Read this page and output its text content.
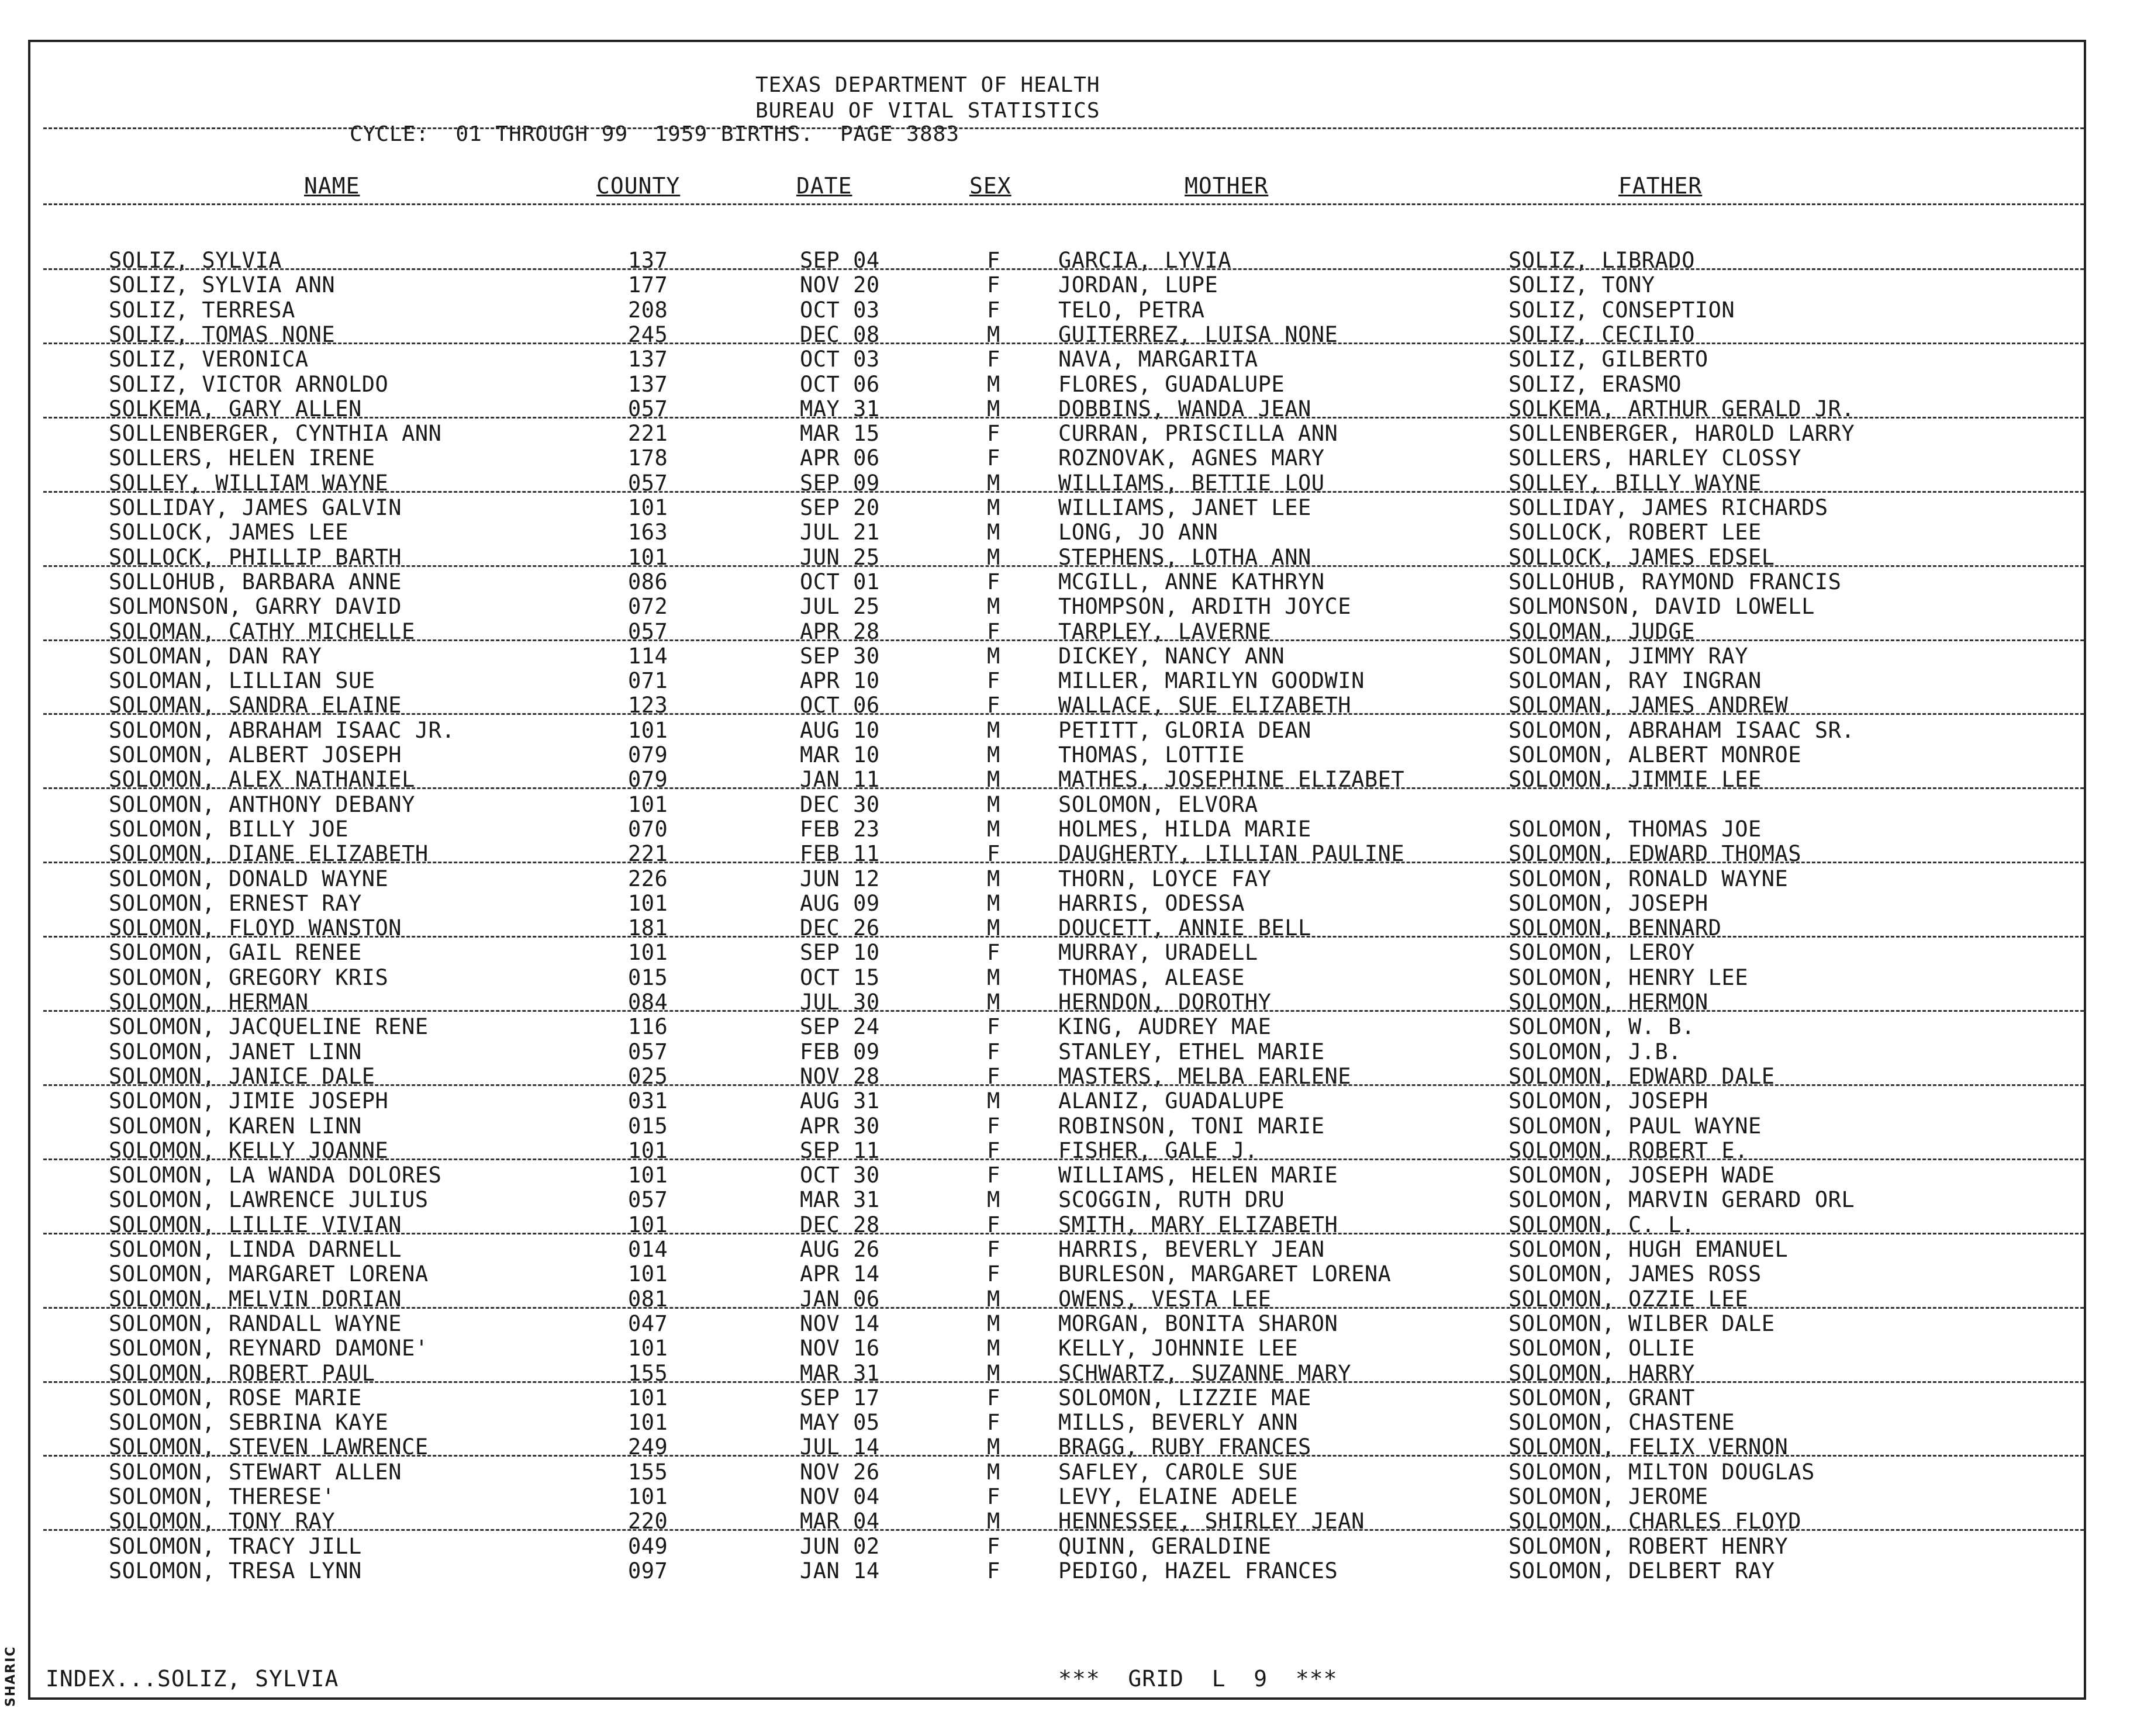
SHARIC
TEXAS DEPARTMENT OF HEALTH
BUREAU OF VITAL STATISTICS
CYCLE:  01 THROUGH 99  1959 BIRTHS.  PAGE 3883
NAME	COUNTY	DATE	SEX	MOTHER	FATHER
SOLIZ, SYLVIA	137	SEP 04	F	GARCIA, LYVIA	SOLIZ, LIBRADO
SOLIZ, SYLVIA ANN	177	NOV 20	F	JORDAN, LUPE	SOLIZ, TONY
SOLIZ, TERRESA	208	OCT 03	F	TELO, PETRA	SOLIZ, CONSEPTION
SOLIZ, TOMAS NONE	245	DEC 08	M	GUITERREZ, LUISA NONE	SOLIZ, CECILIO
SOLIZ, VERONICA	137	OCT 03	F	NAVA, MARGARITA	SOLIZ, GILBERTO
SOLIZ, VICTOR ARNOLDO	137	OCT 06	M	FLORES, GUADALUPE	SOLIZ, ERASMO
SOLKEMA, GARY ALLEN	057	MAY 31	M	DOBBINS, WANDA JEAN	SOLKEMA, ARTHUR GERALD JR.
SOLLENBERGER, CYNTHIA ANN	221	MAR 15	F	CURRAN, PRISCILLA ANN	SOLLENBERGER, HAROLD LARRY
SOLLERS, HELEN IRENE	178	APR 06	F	ROZNOVAK, AGNES MARY	SOLLERS, HARLEY CLOSSY
SOLLEY, WILLIAM WAYNE	057	SEP 09	M	WILLIAMS, BETTIE LOU	SOLLEY, BILLY WAYNE
SOLLIDAY, JAMES GALVIN	101	SEP 20	M	WILLIAMS, JANET LEE	SOLLIDAY, JAMES RICHARDS
SOLLOCK, JAMES LEE	163	JUL 21	M	LONG, JO ANN	SOLLOCK, ROBERT LEE
SOLLOCK, PHILLIP BARTH	101	JUN 25	M	STEPHENS, LOTHA ANN	SOLLOCK, JAMES EDSEL
SOLLOHUB, BARBARA ANNE	086	OCT 01	F	MCGILL, ANNE KATHRYN	SOLLOHUB, RAYMOND FRANCIS
SOLMONSON, GARRY DAVID	072	JUL 25	M	THOMPSON, ARDITH JOYCE	SOLMONSON, DAVID LOWELL
SOLOMAN, CATHY MICHELLE	057	APR 28	F	TARPLEY, LAVERNE	SOLOMAN, JUDGE
SOLOMAN, DAN RAY	114	SEP 30	M	DICKEY, NANCY ANN	SOLOMAN, JIMMY RAY
SOLOMAN, LILLIAN SUE	071	APR 10	F	MILLER, MARILYN GOODWIN	SOLOMAN, RAY INGRAN
SOLOMAN, SANDRA ELAINE	123	OCT 06	F	WALLACE, SUE ELIZABETH	SOLOMAN, JAMES ANDREW
SOLOMON, ABRAHAM ISAAC JR.	101	AUG 10	M	PETITT, GLORIA DEAN	SOLOMON, ABRAHAM ISAAC SR.
SOLOMON, ALBERT JOSEPH	079	MAR 10	M	THOMAS, LOTTIE	SOLOMON, ALBERT MONROE
SOLOMON, ALEX NATHANIEL	079	JAN 11	M	MATHES, JOSEPHINE ELIZABET	SOLOMON, JIMMIE LEE
SOLOMON, ANTHONY DEBANY	101	DEC 30	M	SOLOMON, ELVORA
SOLOMON, BILLY JOE	070	FEB 23	M	HOLMES, HILDA MARIE	SOLOMON, THOMAS JOE
SOLOMON, DIANE ELIZABETH	221	FEB 11	F	DAUGHERTY, LILLIAN PAULINE	SOLOMON, EDWARD THOMAS
SOLOMON, DONALD WAYNE	226	JUN 12	M	THORN, LOYCE FAY	SOLOMON, RONALD WAYNE
SOLOMON, ERNEST RAY	101	AUG 09	M	HARRIS, ODESSA	SOLOMON, JOSEPH
SOLOMON, FLOYD WANSTON	181	DEC 26	M	DOUCETT, ANNIE BELL	SOLOMON, BENNARD
SOLOMON, GAIL RENEE	101	SEP 10	F	MURRAY, URADELL	SOLOMON, LEROY
SOLOMON, GREGORY KRIS	015	OCT 15	M	THOMAS, ALEASE	SOLOMON, HENRY LEE
SOLOMON, HERMAN	084	JUL 30	M	HERNDON, DOROTHY	SOLOMON, HERMON
SOLOMON, JACQUELINE RENE	116	SEP 24	F	KING, AUDREY MAE	SOLOMON, W. B.
SOLOMON, JANET LINN	057	FEB 09	F	STANLEY, ETHEL MARIE	SOLOMON, J.B.
SOLOMON, JANICE DALE	025	NOV 28	F	MASTERS, MELBA EARLENE	SOLOMON, EDWARD DALE
SOLOMON, JIMIE JOSEPH	031	AUG 31	M	ALANIZ, GUADALUPE	SOLOMON, JOSEPH
SOLOMON, KAREN LINN	015	APR 30	F	ROBINSON, TONI MARIE	SOLOMON, PAUL WAYNE
SOLOMON, KELLY JOANNE	101	SEP 11	F	FISHER, GALE J.	SOLOMON, ROBERT E.
SOLOMON, LA WANDA DOLORES	101	OCT 30	F	WILLIAMS, HELEN MARIE	SOLOMON, JOSEPH WADE
SOLOMON, LAWRENCE JULIUS	057	MAR 31	M	SCOGGIN, RUTH DRU	SOLOMON, MARVIN GERARD ORL
SOLOMON, LILLIE VIVIAN	101	DEC 28	F	SMITH, MARY ELIZABETH	SOLOMON, C. L.
SOLOMON, LINDA DARNELL	014	AUG 26	F	HARRIS, BEVERLY JEAN	SOLOMON, HUGH EMANUEL
SOLOMON, MARGARET LORENA	101	APR 14	F	BURLESON, MARGARET LORENA	SOLOMON, JAMES ROSS
SOLOMON, MELVIN DORIAN	081	JAN 06	M	OWENS, VESTA LEE	SOLOMON, OZZIE LEE
SOLOMON, RANDALL WAYNE	047	NOV 14	M	MORGAN, BONITA SHARON	SOLOMON, WILBER DALE
SOLOMON, REYNARD DAMONE'	101	NOV 16	M	KELLY, JOHNNIE LEE	SOLOMON, OLLIE
SOLOMON, ROBERT PAUL	155	MAR 31	M	SCHWARTZ, SUZANNE MARY	SOLOMON, HARRY
SOLOMON, ROSE MARIE	101	SEP 17	F	SOLOMON, LIZZIE MAE	SOLOMON, GRANT
SOLOMON, SEBRINA KAYE	101	MAY 05	F	MILLS, BEVERLY ANN	SOLOMON, CHASTENE
SOLOMON, STEVEN LAWRENCE	249	JUL 14	M	BRAGG, RUBY FRANCES	SOLOMON, FELIX VERNON
SOLOMON, STEWART ALLEN	155	NOV 26	M	SAFLEY, CAROLE SUE	SOLOMON, MILTON DOUGLAS
SOLOMON, THERESE'	101	NOV 04	F	LEVY, ELAINE ADELE	SOLOMON, JEROME
SOLOMON, TONY RAY	220	MAR 04	M	HENNESSEE, SHIRLEY JEAN	SOLOMON, CHARLES FLOYD
SOLOMON, TRACY JILL	049	JUN 02	F	QUINN, GERALDINE	SOLOMON, ROBERT HENRY
SOLOMON, TRESA LYNN	097	JAN 14	F	PEDIGO, HAZEL FRANCES	SOLOMON, DELBERT RAY
INDEX...SOLIZ, SYLVIA	***  GRID  L  9  ***
